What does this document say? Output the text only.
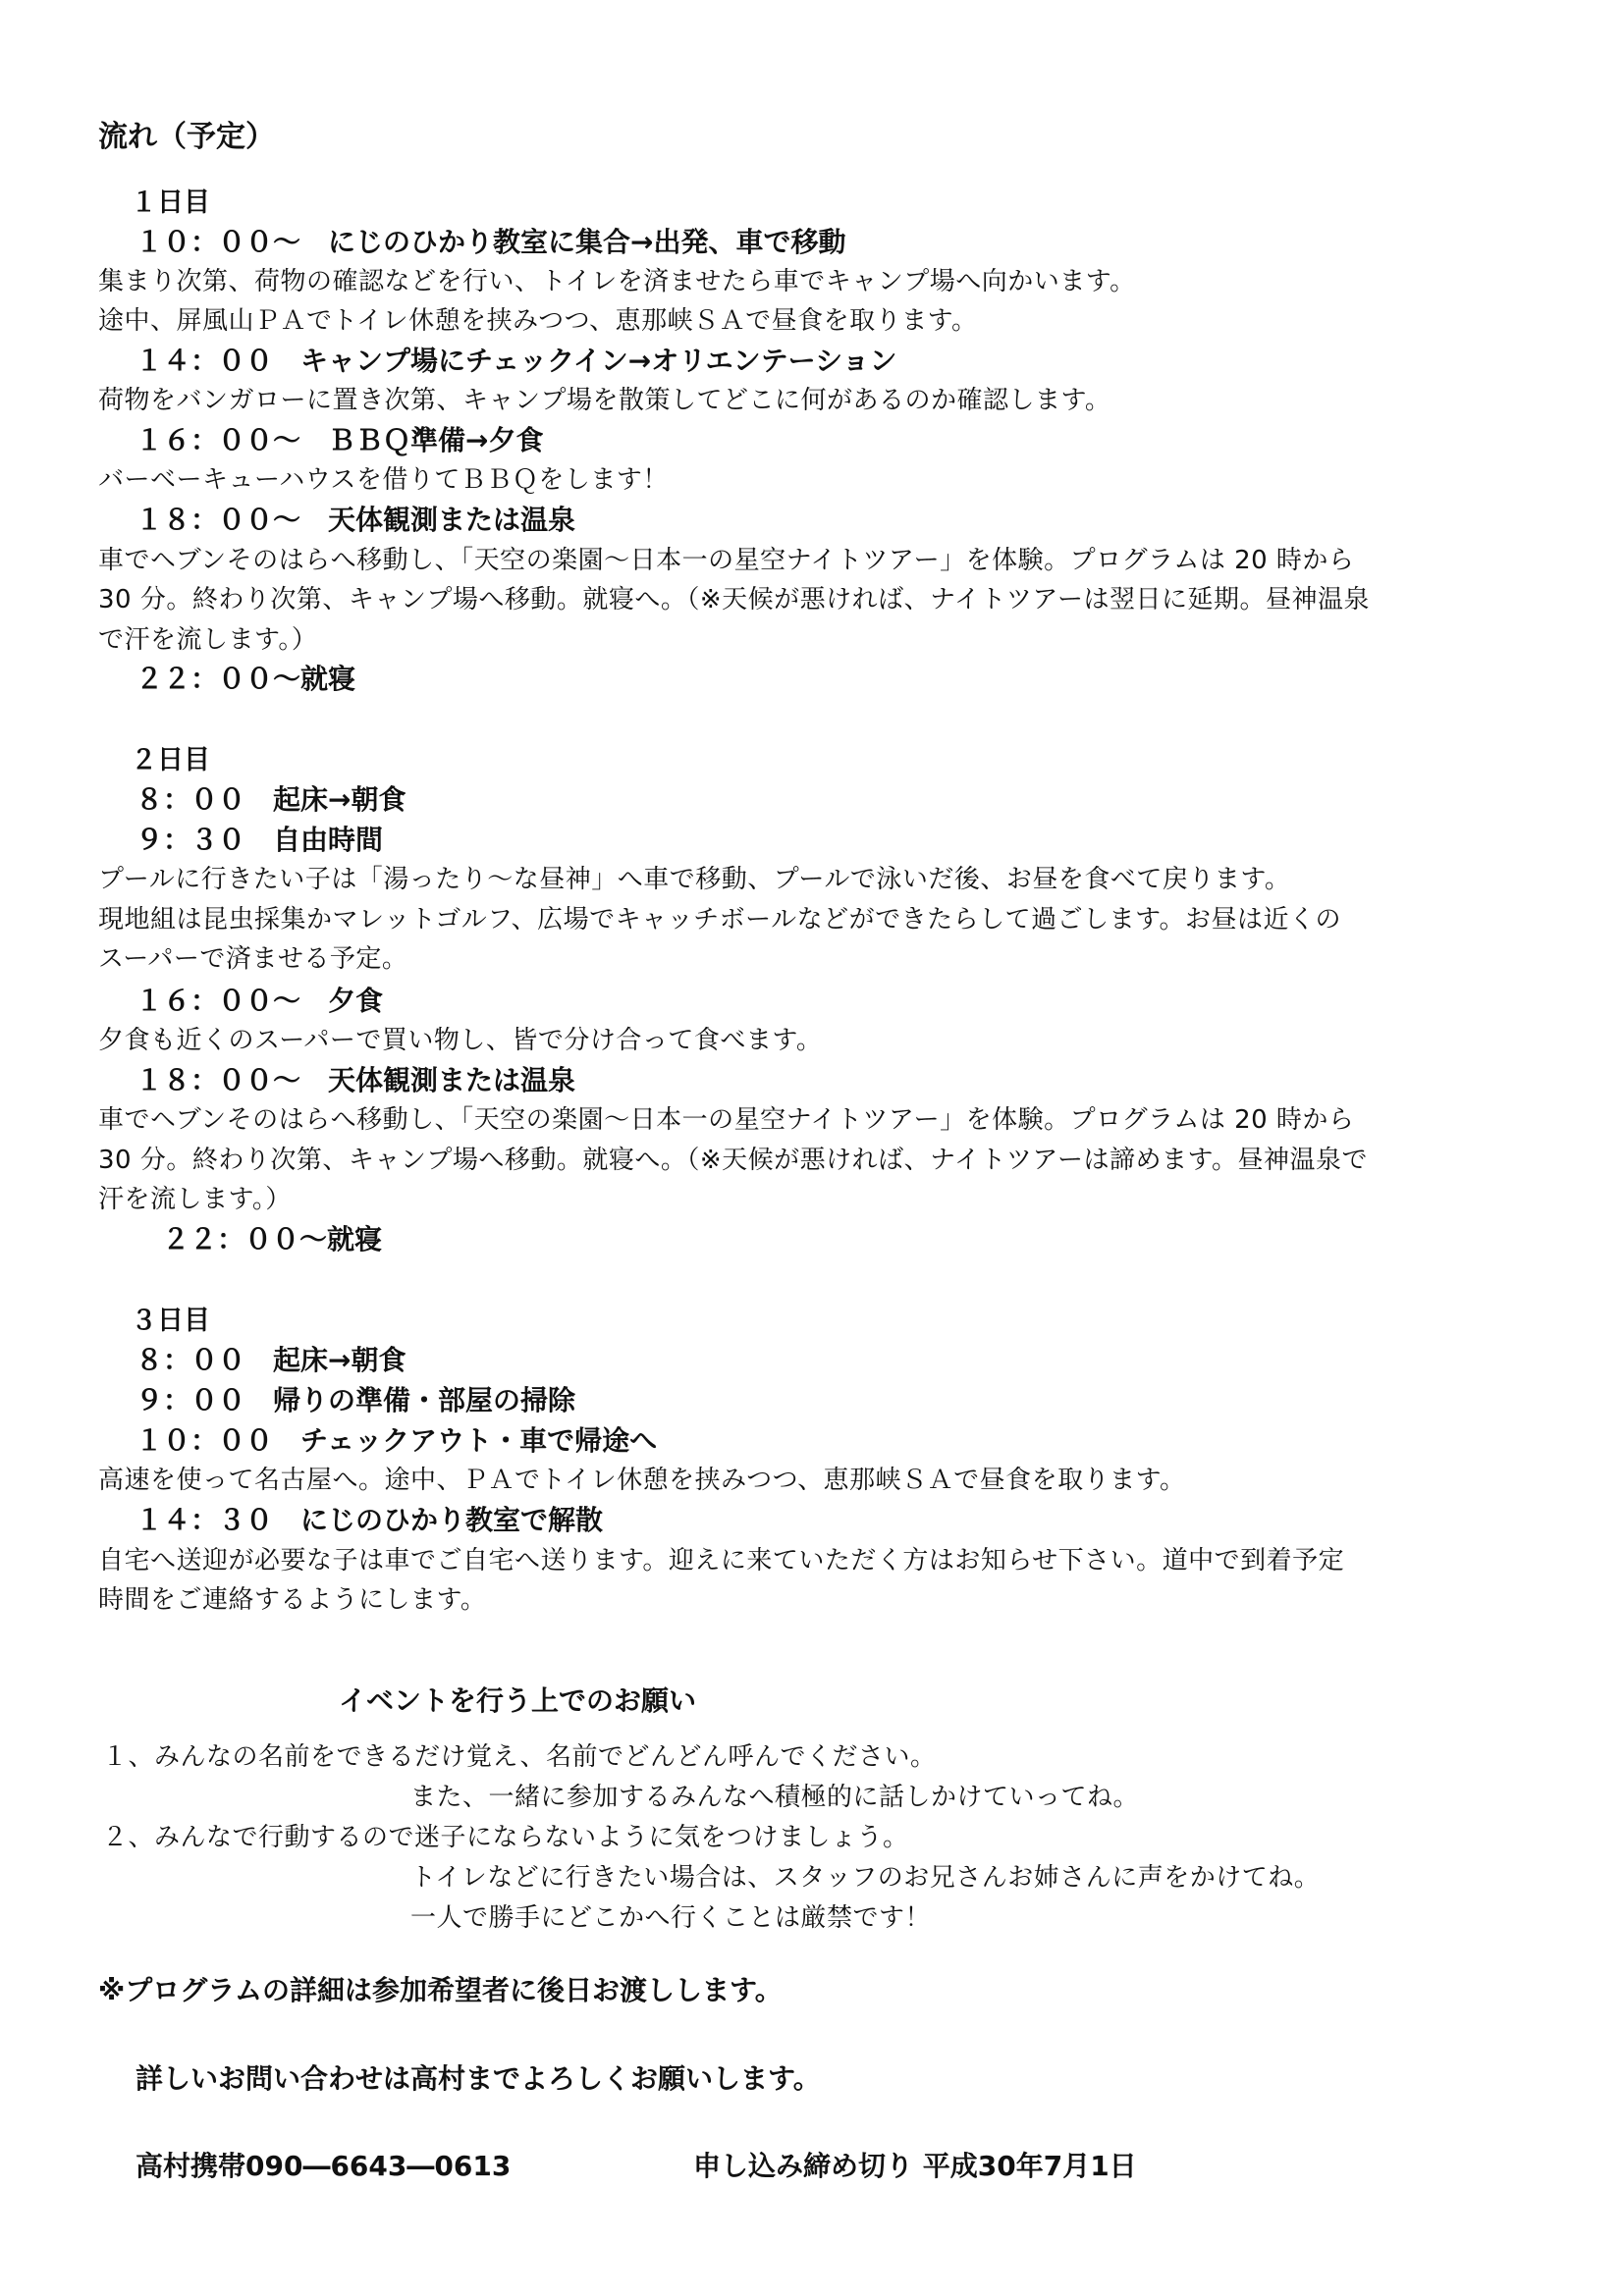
流れ（予定）
１日目
１０：００～　にじのひかり教室に集合→出発、車で移動
集まり次第、荷物の確認などを行い、トイレを済ませたら車でキャンプ場へ向かいます。
途中、屏風山ＰＡでトイレ休憩を挟みつつ、恵那峡ＳＡで昼食を取ります。
１４：００　キャンプ場にチェックイン→オリエンテーション
荷物をバンガローに置き次第、キャンプ場を散策してどこに何があるのか確認します。
１６：００～　ＢＢＱ準備→夕食
バーベーキューハウスを借りてＢＢＱをします！
１８：００～　天体観測または温泉
車でヘブンそのはらへ移動し、「天空の楽園～日本一の星空ナイトツアー」を体験。プログラムは 20 時から
30 分。終わり次第、キャンプ場へ移動。就寝へ。（※天候が悪ければ、ナイトツアーは翌日に延期。昼神温泉
で汗を流します。）
２２：００～就寝
２日目
８：００　起床→朝食
９：３０　自由時間
プールに行きたい子は「湯ったり～な昼神」へ車で移動、プールで泳いだ後、お昼を食べて戻ります。
現地組は昆虫採集かマレットゴルフ、広場でキャッチボールなどができたらして過ごします。お昼は近くの
スーパーで済ませる予定。
１６：００～　夕食
夕食も近くのスーパーで買い物し、皆で分け合って食べます。
１８：００～　天体観測または温泉
車でヘブンそのはらへ移動し、「天空の楽園～日本一の星空ナイトツアー」を体験。プログラムは 20 時から
30 分。終わり次第、キャンプ場へ移動。就寝へ。（※天候が悪ければ、ナイトツアーは諦めます。昼神温泉で
汗を流します。）
２２：００～就寝
３日目
８：００　起床→朝食
９：００　帰りの準備・部屋の掃除
１０：００　チェックアウト・車で帰途へ
高速を使って名古屋へ。途中、ＰＡでトイレ休憩を挟みつつ、恵那峡ＳＡで昼食を取ります。
１４：３０　にじのひかり教室で解散
自宅へ送迎が必要な子は車でご自宅へ送ります。迎えに来ていただく方はお知らせ下さい。道中で到着予定
時間をご連絡するようにします。
イベントを行う上でのお願い
１、みんなの名前をできるだけ覚え、名前でどんどん呼んでください。
また、一緒に参加するみんなへ積極的に話しかけていってね。
２、みんなで行動するので迷子にならないように気をつけましょう。
トイレなどに行きたい場合は、スタッフのお兄さんお姉さんに声をかけてね。
一人で勝手にどこかへ行くことは厳禁です！
※プログラムの詳細は参加希望者に後日お渡しします。
詳しいお問い合わせは高村までよろしくお願いします。
高村携帯090―6643―0613	申し込み締め切り 平成30年7月1日
